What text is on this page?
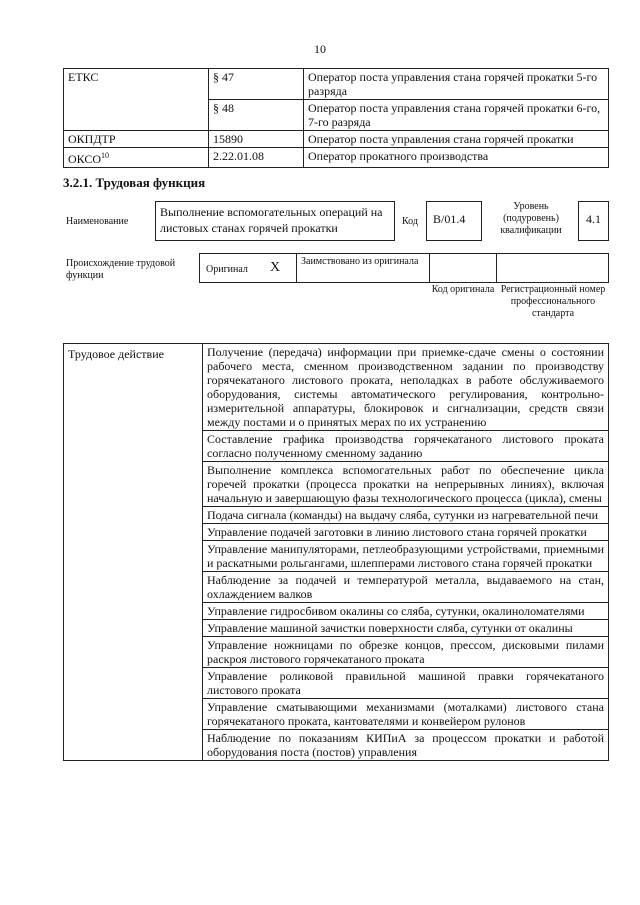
10
ЕТКС	§ 47	Оператор поста управления стана горячей прокатки 5-го разряда
	§ 48	Оператор поста управления стана горячей прокатки 6-го, 7-го разряда
ОКПДТР	15890	Оператор поста управления стана горячей прокатки
ОКСО$^{10}$	2.22.01.08	Оператор прокатного производства
3.2.1. Трудовая функция
Наименование
Выполнение вспомогательных операций на листовых станах горячей прокатки	Код	В/01.4
Уровень (подуровень) квалификации
4.1
Происхождение трудовой функции
Оригинал X Заимствовано из оригинала
Код оригинала Регистрационный номер профессионального стандарта
Трудовое действие	Получение (передача) информации при приемке-сдаче смены о состоянии рабочего места, сменном производственном задании по производству горячекатаного листового проката, неполадках в работе обслуживаемого оборудования, системы автоматического регулирования, контрольно-измерительной аппаратуры, блокировок и сигнализации, средств связи между постами и о принятых мерах по их устранению
Составление графика производства горячекатаного листового проката согласно полученному сменному заданию
Выполнение комплекса вспомогательных работ по обеспечение цикла горечей прокатки (процесса прокатки на непрерывных линиях), включая начальную и завершающую фазы технологического процесса (цикла), смены
Подача сигнала (команды) на выдачу сляба, сутунки из нагревательной печи
Управление подачей заготовки в линию листового стана горячей прокатки
Управление манипуляторами, петлеобразующими устройствами, приемными и раскатными рольгангами, шлепперами листового стана горячей прокатки
Наблюдение за подачей и температурой металла, выдаваемого на стан, охлаждением валков
Управление гидросбивом окалины со сляба, сутунки, окалиноломателями
Управление машиной зачистки поверхности сляба, сутунки от окалины
Управление ножницами по обрезке концов, прессом, дисковыми пилами раскроя листового горячекатаного проката
Управление роликовой правильной машиной правки горячекатаного листового проката
Управление сматывающими механизмами (моталками) листового стана горячекатаного проката, кантователями и конвейером рулонов
Наблюдение по показаниям КИПиА за процессом прокатки и работой оборудования поста (постов) управления
